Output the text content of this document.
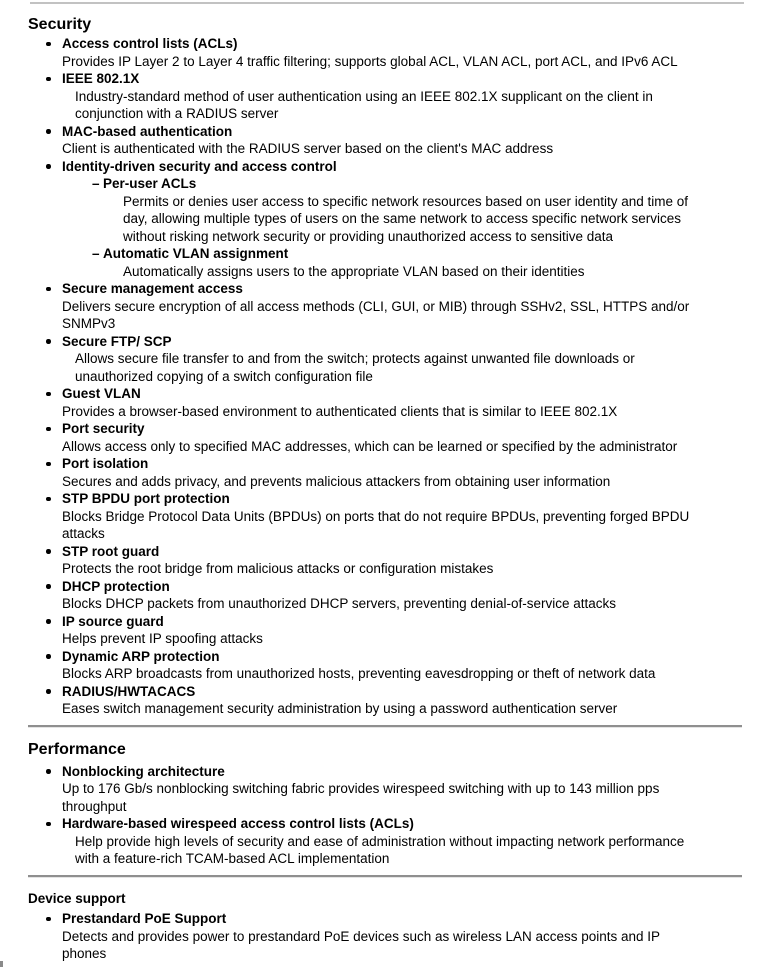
Security
Access control lists (ACLs)
Provides IP Layer 2 to Layer 4 traffic filtering; supports global ACL, VLAN ACL, port ACL, and IPv6 ACL
IEEE 802.1X
Industry-standard method of user authentication using an IEEE 802.1X supplicant on the client in
conjunction with a RADIUS server
MAC-based authentication
Client is authenticated with the RADIUS server based on the client's MAC address
Identity-driven security and access control
– Per-user ACLs
Permits or denies user access to specific network resources based on user identity and time of
day, allowing multiple types of users on the same network to access specific network services
without risking network security or providing unauthorized access to sensitive data
– Automatic VLAN assignment
Automatically assigns users to the appropriate VLAN based on their identities
Secure management access
Delivers secure encryption of all access methods (CLI, GUI, or MIB) through SSHv2, SSL, HTTPS and/or
SNMPv3
Secure FTP/ SCP
Allows secure file transfer to and from the switch; protects against unwanted file downloads or
unauthorized copying of a switch configuration file
Guest VLAN
Provides a browser-based environment to authenticated clients that is similar to IEEE 802.1X
Port security
Allows access only to specified MAC addresses, which can be learned or specified by the administrator
Port isolation
Secures and adds privacy, and prevents malicious attackers from obtaining user information
STP BPDU port protection
Blocks Bridge Protocol Data Units (BPDUs) on ports that do not require BPDUs, preventing forged BPDU
attacks
STP root guard
Protects the root bridge from malicious attacks or configuration mistakes
DHCP protection
Blocks DHCP packets from unauthorized DHCP servers, preventing denial-of-service attacks
IP source guard
Helps prevent IP spoofing attacks
Dynamic ARP protection
Blocks ARP broadcasts from unauthorized hosts, preventing eavesdropping or theft of network data
RADIUS/HWTACACS
Eases switch management security administration by using a password authentication server
Performance
Nonblocking architecture
Up to 176 Gb/s nonblocking switching fabric provides wirespeed switching with up to 143 million pps
throughput
Hardware-based wirespeed access control lists (ACLs)
Help provide high levels of security and ease of administration without impacting network performance
with a feature-rich TCAM-based ACL implementation
Device support
Prestandard PoE Support
Detects and provides power to prestandard PoE devices such as wireless LAN access points and IP
phones
